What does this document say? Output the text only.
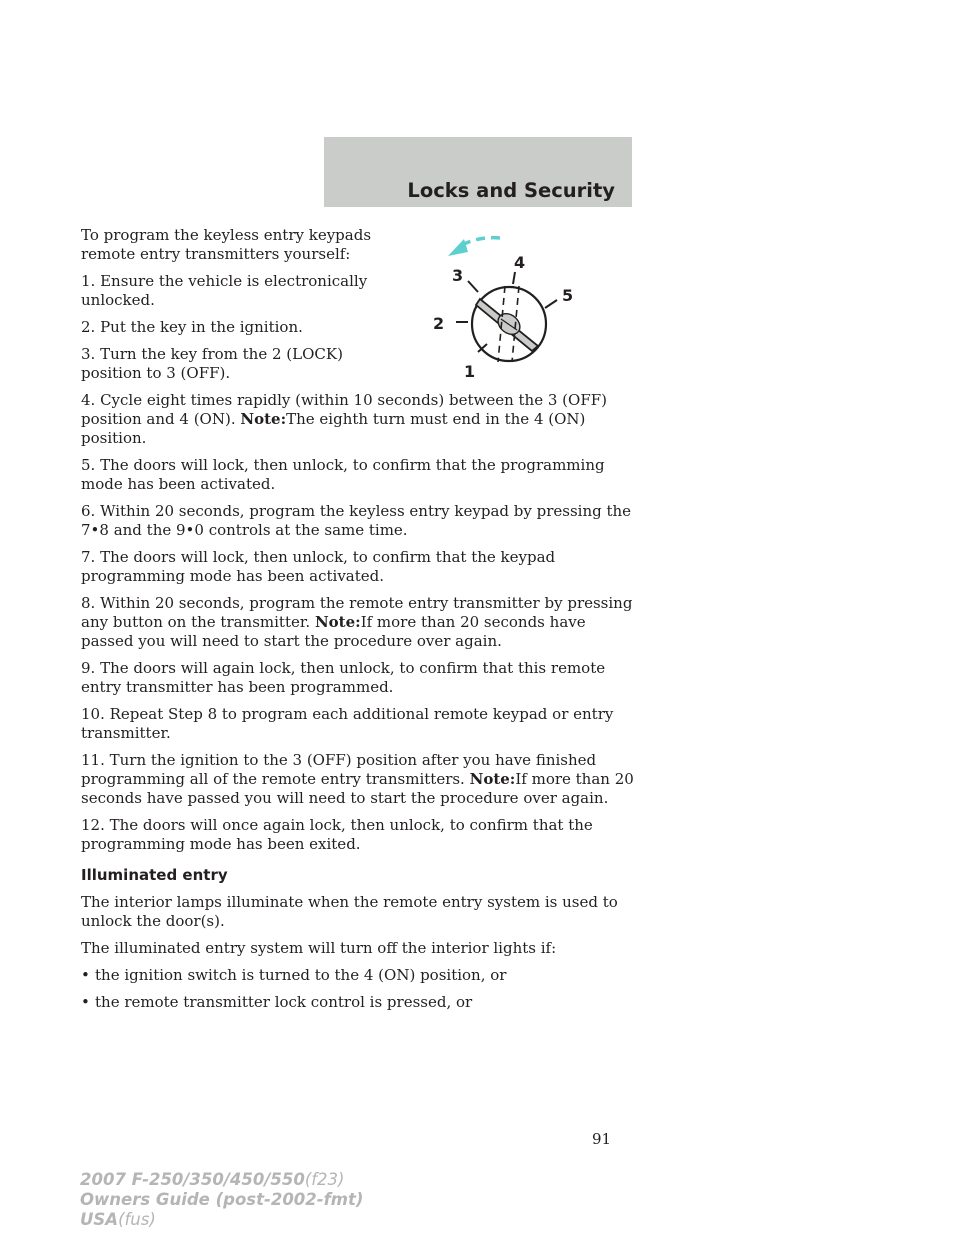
Locks and Security
1
2
3
4
5

To program the keyless entry keypads remote entry transmitters yourself:

1. Ensure the vehicle is electronically unlocked.

2. Put the key in the ignition.

3. Turn the key from the 2 (LOCK) position to 3 (OFF).

4. Cycle eight times rapidly (within 10 seconds) between the 3 (OFF) position and 4 (ON). Note:The eighth turn must end in the 4 (ON) position.

5. The doors will lock, then unlock, to confirm that the programming mode has been activated.

6. Within 20 seconds, program the keyless entry keypad by pressing the 7•8 and the 9•0 controls at the same time.

7. The doors will lock, then unlock, to confirm that the keypad programming mode has been activated.

8. Within 20 seconds, program the remote entry transmitter by pressing any button on the transmitter. Note:If more than 20 seconds have passed you will need to start the procedure over again.

9. The doors will again lock, then unlock, to confirm that this remote entry transmitter has been programmed.

10. Repeat Step 8 to program each additional remote keypad or entry transmitter.

11. Turn the ignition to the 3 (OFF) position after you have finished programming all of the remote entry transmitters. Note:If more than 20 seconds have passed you will need to start the procedure over again.

12. The doors will once again lock, then unlock, to confirm that the programming mode has been exited.

Illuminated entry

The interior lamps illuminate when the remote entry system is used to unlock the door(s).

The illuminated entry system will turn off the interior lights if:

• the ignition switch is turned to the 4 (ON) position, or
• the remote transmitter lock control is pressed, or
91
2007 F-250/350/450/550(f23)
Owners Guide (post-2002-fmt)
USA(fus)
